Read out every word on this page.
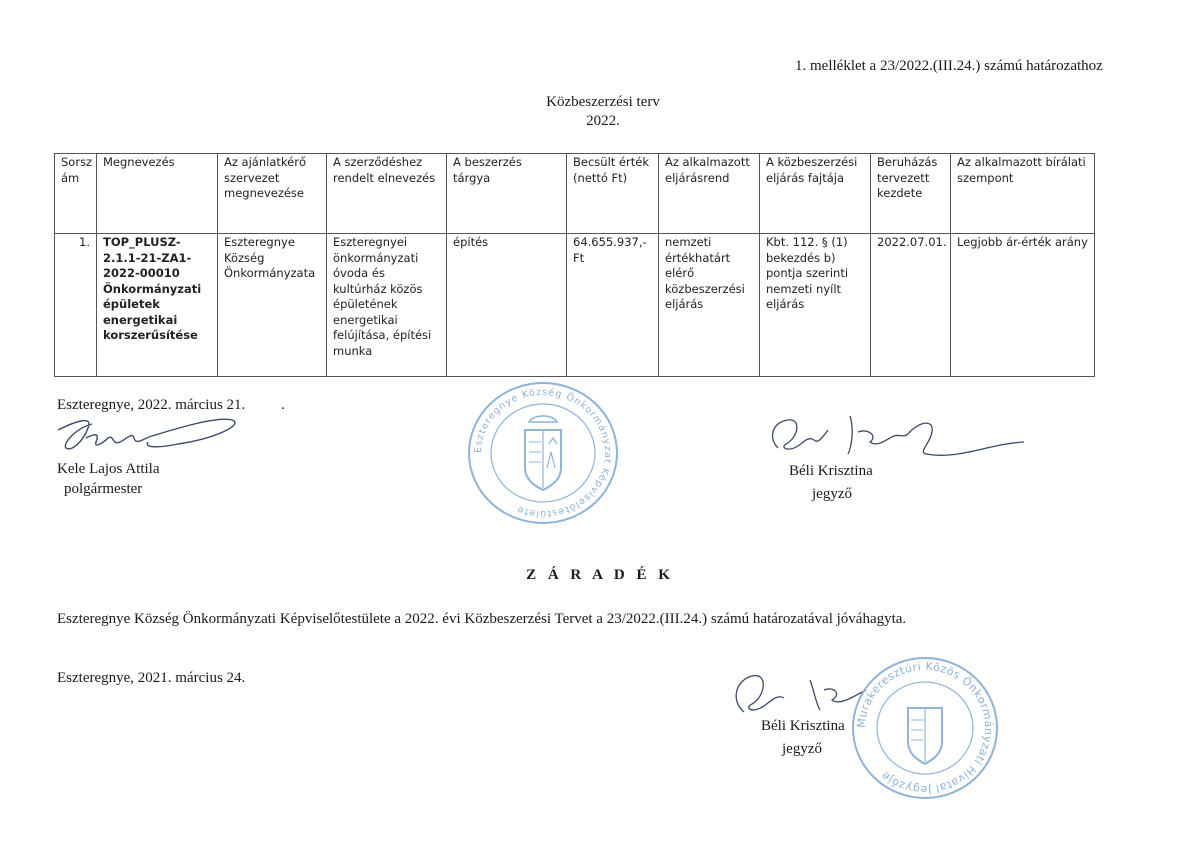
1. melléklet a 23/2022.(III.24.) számú határozathoz
Közbeszerzési terv
2022.
Sorsz ám	Megnevezés	Az ajánlatkérő szervezet megnevezése	A szerződéshez rendelt elnevezés	A beszerzés tárgya	Becsült érték (nettó Ft)	Az alkalmazott eljárásrend	A közbeszerzési eljárás fajtája	Beruházás tervezett kezdete	Az alkalmazott bírálati szempont
1.	TOP_PLUSZ-2.1.1-21-ZA1-2022-00010 Önkormányzati épületek energetikai korszerűsítése	Eszteregnye Község Önkormányzata	Eszteregnyei önkormányzati óvoda és kultúrház közös épületének energetikai felújítása, építési munka	építés	64.655.937,-Ft	nemzeti értékhatárt elérő közbeszerzési eljárás	Kbt. 112. § (1) bekezdés b) pontja szerinti nemzeti nyílt eljárás	2022.07.01.	Legjobb ár-érték arány
Eszteregnye, 2022. március 21. .
Kele Lajos Attila
polgármester
Eszteregnye Község Önkormányzat Képviselőtestülete
Béli Krisztina
jegyző
Z Á R A D É K
Eszteregnye Község Önkormányzati Képviselőtestülete a 2022. évi Közbeszerzési Tervet a 23/2022.(III.24.) számú határozatával jóváhagyta.
Eszteregnye, 2021. március 24.
Murakeresztúri Közös Önkormányzati Hivatal Jegyzője
Béli Krisztina
jegyző
